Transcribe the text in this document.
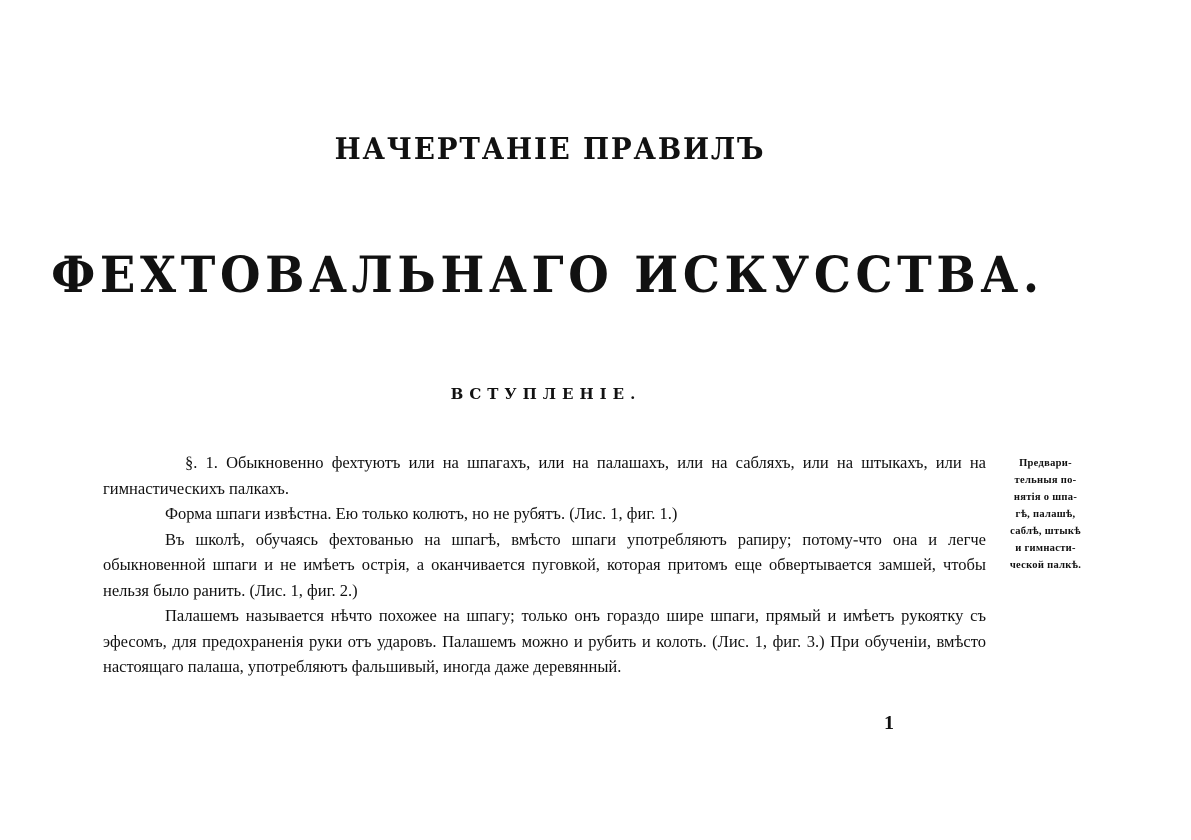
НАЧЕРТАНІЕ ПРАВИЛЪ
ФЕХТОВАЛЬНАГО ИСКУССТВА.
ВСТУПЛЕНІЕ.

§. 1. Обыкновенно фехтуютъ или на шпагахъ, или на палашахъ, или на сабляхъ, или на штыкахъ, или на гимнастическихъ палкахъ.

Форма шпаги извѣстна. Ею только колютъ, но не рубятъ. (Лис. 1, фиг. 1.)

Въ школѣ, обучаясь фехтованью на шпагѣ, вмѣсто шпаги употребляютъ рапиру; потому-что она и легче обыкновенной шпаги и не имѣетъ острія, а оканчивается пуговкой, которая притомъ еще обвертывается замшей, чтобы нельзя было ранить. (Лис. 1, фиг. 2.)

Палашемъ называется нѣчто похожее на шпагу; только онъ гораздо шире шпаги, прямый и имѣетъ рукоятку съ эфесомъ, для предохраненія руки отъ ударовъ. Палашемъ можно и рубить и колоть. (Лис. 1, фиг. 3.) При обученіи, вмѣсто настоящаго палаша, употребляютъ фальшивый, иногда даже деревянный.

Предвари-
тельныя по-
нятія о шпа-
гѣ, палашѣ,
саблѣ, штыкѣ
и гимнасти-
ческой палкѣ.
1
